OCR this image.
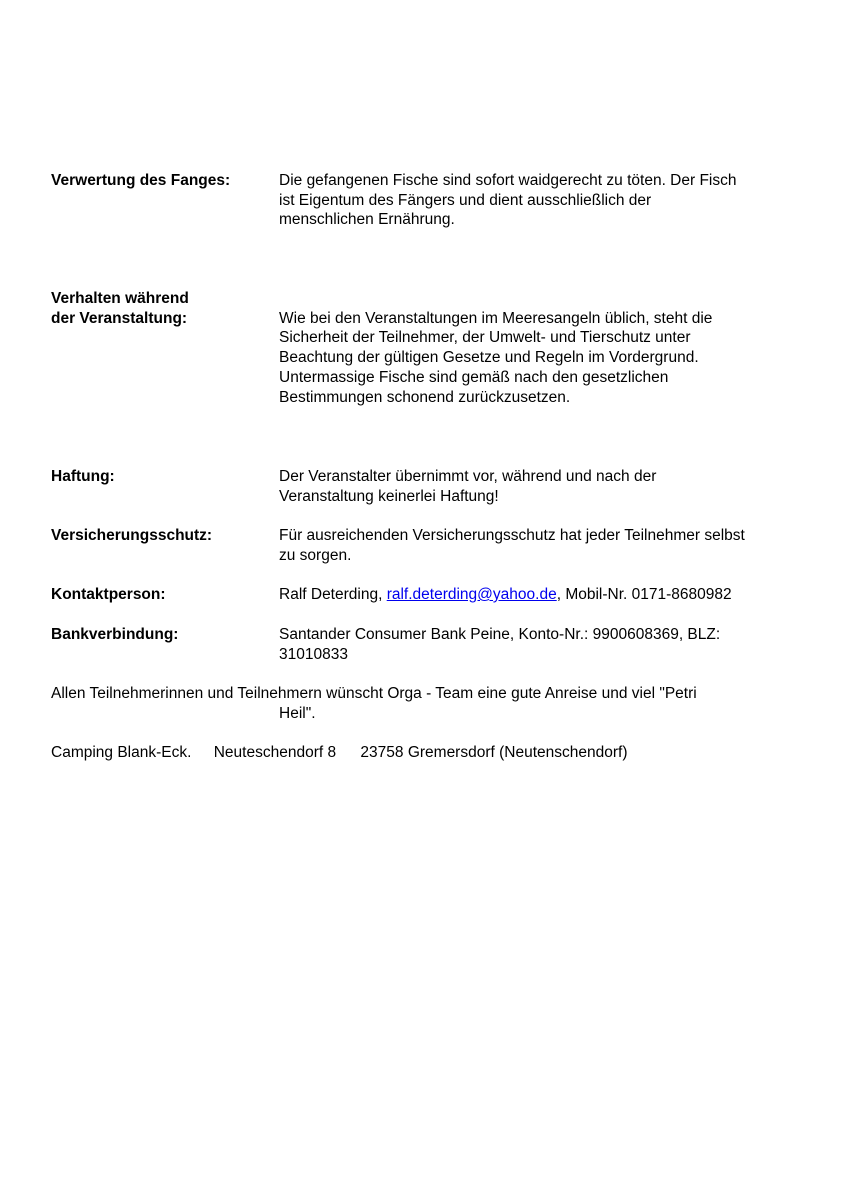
Verwertung des Fanges:	Die gefangenen Fische sind sofort waidgerecht zu töten. Der Fisch
ist Eigentum des Fängers und dient ausschließlich der
menschlichen Ernährung.
Verhalten während
der Veranstaltung:	Wie bei den Veranstaltungen im Meeresangeln üblich, steht die
Sicherheit der Teilnehmer, der Umwelt- und Tierschutz unter
Beachtung der gültigen Gesetze und Regeln im Vordergrund.
Untermassige Fische sind gemäß nach den gesetzlichen
Bestimmungen schonend zurückzusetzen.
Haftung:	Der Veranstalter übernimmt vor, während und nach der
Veranstaltung keinerlei Haftung!
Versicherungsschutz:	Für ausreichenden Versicherungsschutz hat jeder Teilnehmer selbst
zu sorgen.
Kontaktperson:	Ralf Deterding, ralf.deterding@yahoo.de, Mobil-Nr. 0171-8680982
Bankverbindung:	Santander Consumer Bank Peine, Konto-Nr.: 9900608369, BLZ:
31010833
Allen Teilnehmerinnen und Teilnehmern wünscht Orga - Team eine gute Anreise und viel "Petri
Heil".
Camping Blank-Eck. Neuteschendorf 8 23758 Gremersdorf (Neutenschendorf)
